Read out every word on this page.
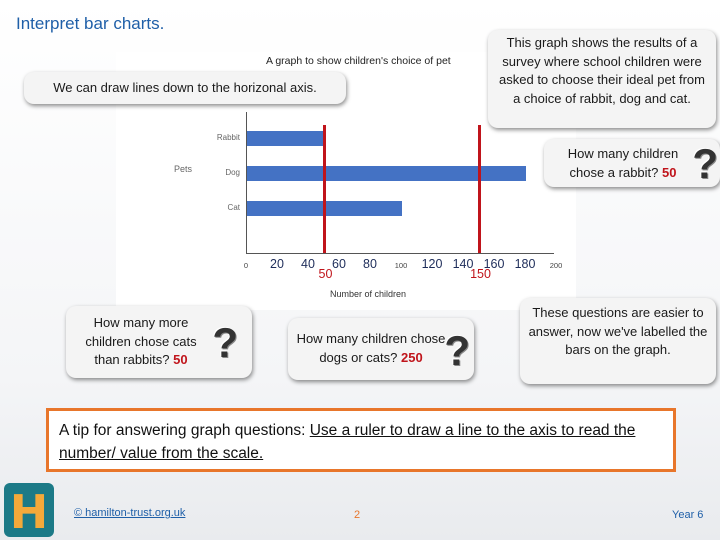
Interpret bar charts.
A graph to show children's choice of pet
Pets
Rabbit
Dog
Cat
0	100	200
Number of children
50	150
20 40 60 80	120 140 160 180
We can draw lines down to the horizonal axis.
This graph shows the results of a survey where school children were asked to choose their ideal pet from a choice of rabbit, dog and cat.
How many children chose a rabbit? 50 ?
How many more children chose cats than rabbits? 50 ?	How many children chose dogs or cats? 250 ?
These questions are easier to answer, now we've labelled the bars on the graph.
A tip for answering graph questions: Use a ruler to draw a line to the axis to read the number/ value from the scale.
H	© hamilton-trust.org.uk	2	Year 6
